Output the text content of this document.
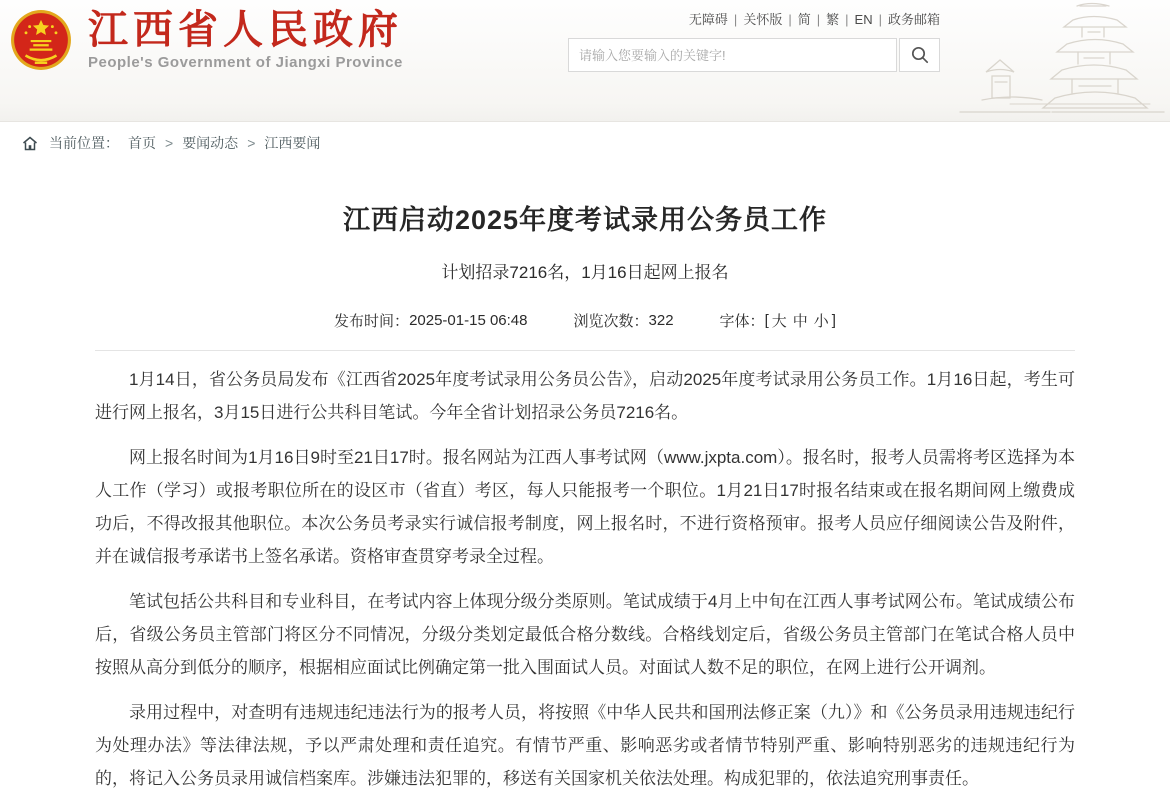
江西省人民政府
People's Government of Jiangxi Province
无障碍 | 关怀版 | 简 | 繁 | EN | 政务邮箱
请输入您要输入的关键字!
当前位置： 首页 > 要闻动态 > 江西要闻
江西启动2025年度考试录用公务员工作
计划招录7216名，1月16日起网上报名
发布时间： 2025-01-15 06:48	浏览次数： 322	字体： [ 大 中 小 ]

1月14日，省公务员局发布《江西省2025年度考试录用公务员公告》，启动2025年度考试录用公务员工作。1月16日起，考生可进行网上报名，3月15日进行公共科目笔试。今年全省计划招录公务员7216名。

网上报名时间为1月16日9时至21日17时。报名网站为江西人事考试网（www.jxpta.com）。报名时，报考人员需将考区选择为本人工作（学习）或报考职位所在的设区市（省直）考区，每人只能报考一个职位。1月21日17时报名结束或在报名期间网上缴费成功后，不得改报其他职位。本次公务员考录实行诚信报考制度，网上报名时，不进行资格预审。报考人员应仔细阅读公告及附件，并在诚信报考承诺书上签名承诺。资格审查贯穿考录全过程。

笔试包括公共科目和专业科目，在考试内容上体现分级分类原则。笔试成绩于4月上中旬在江西人事考试网公布。笔试成绩公布后，省级公务员主管部门将区分不同情况，分级分类划定最低合格分数线。合格线划定后，省级公务员主管部门在笔试合格人员中按照从高分到低分的顺序，根据相应面试比例确定第一批入围面试人员。对面试人数不足的职位，在网上进行公开调剂。

录用过程中，对查明有违规违纪违法行为的报考人员，将按照《中华人民共和国刑法修正案（九）》和《公务员录用违规违纪行为处理办法》等法律法规，予以严肃处理和责任追究。有情节严重、影响恶劣或者情节特别严重、影响特别恶劣的违规违纪行为的，将记入公务员录用诚信档案库。涉嫌违法犯罪的，移送有关国家机关依法处理。构成犯罪的，依法追究刑事责任。
